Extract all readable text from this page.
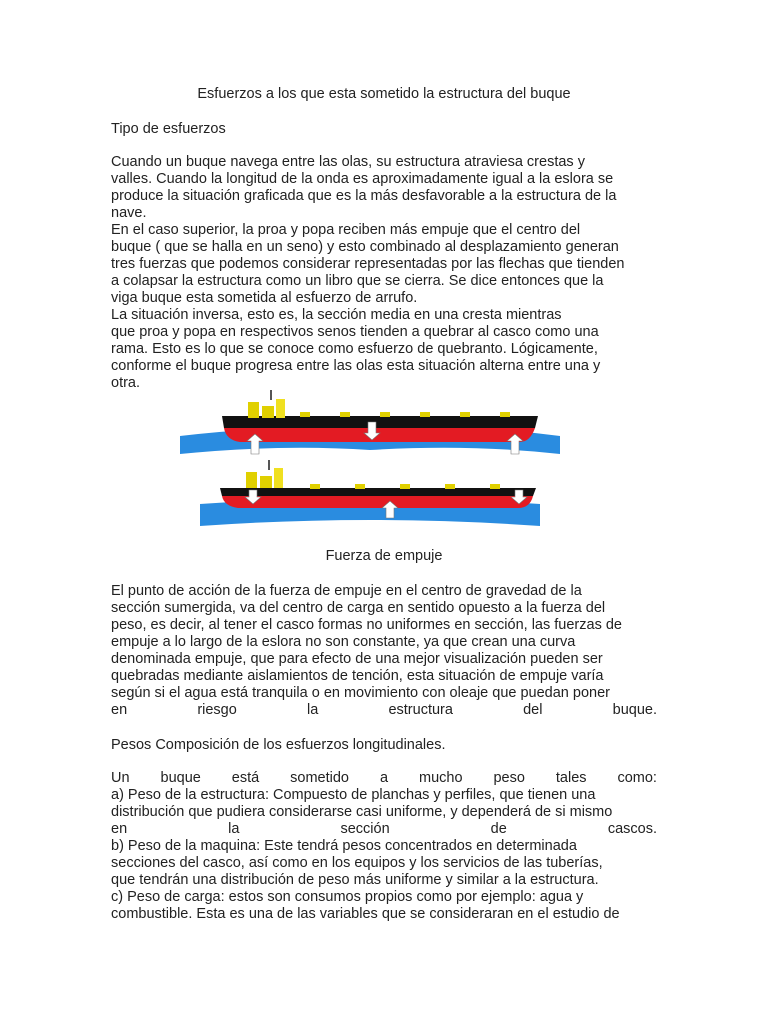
Esfuerzos a los que esta sometido la estructura del buque
Tipo de esfuerzos
Cuando un buque navega entre las olas, su estructura atraviesa crestas y
valles. Cuando la longitud de la onda es aproximadamente igual a la eslora se
produce la situación graficada que es la más desfavorable a la estructura de la
nave.
En el caso superior, la proa y popa reciben más empuje que el centro del
buque ( que se halla en un seno) y esto combinado al desplazamiento generan
tres fuerzas que podemos considerar representadas por las flechas que tienden
a colapsar la estructura como un libro que se cierra. Se dice entonces que la
viga buque esta sometida al esfuerzo de arrufo.
La situación inversa, esto es, la sección media en una cresta mientras
que proa y popa en respectivos senos tienden a quebrar al casco como una
rama. Esto es lo que se conoce como esfuerzo de quebranto. Lógicamente,
conforme el buque progresa entre las olas esta situación alterna entre una y
otra.
Fuerza de empuje
El punto de acción de la fuerza de empuje en el centro de gravedad de la
sección sumergida, va del centro de carga en sentido opuesto a la fuerza del
peso, es decir, al tener el casco formas no uniformes en sección, las fuerzas de
empuje a lo largo de la eslora no son constante, ya que crean una curva
denominada empuje, que para efecto de una mejor visualización pueden ser
quebradas mediante aislamientos de tención, esta situación de empuje varía
según si el agua está tranquila o en movimiento con oleaje que puedan poner
en	riesgo	la	estructura	del	buque.
Pesos Composición de los esfuerzos longitudinales.
Un buque está sometido a mucho peso tales como:
a) Peso de la estructura: Compuesto de planchas y perfiles, que tienen una
distribución que pudiera considerarse casi uniforme, y dependerá de si mismo
en	la	sección	de	cascos.
b) Peso de la maquina: Este tendrá pesos concentrados en determinada
secciones del casco, así como en los equipos y los servicios de las tuberías,
que tendrán una distribución de peso más uniforme y similar a la estructura.
c) Peso de carga: estos son consumos propios como por ejemplo: agua y
combustible. Esta es una de las variables que se consideraran en el estudio de
